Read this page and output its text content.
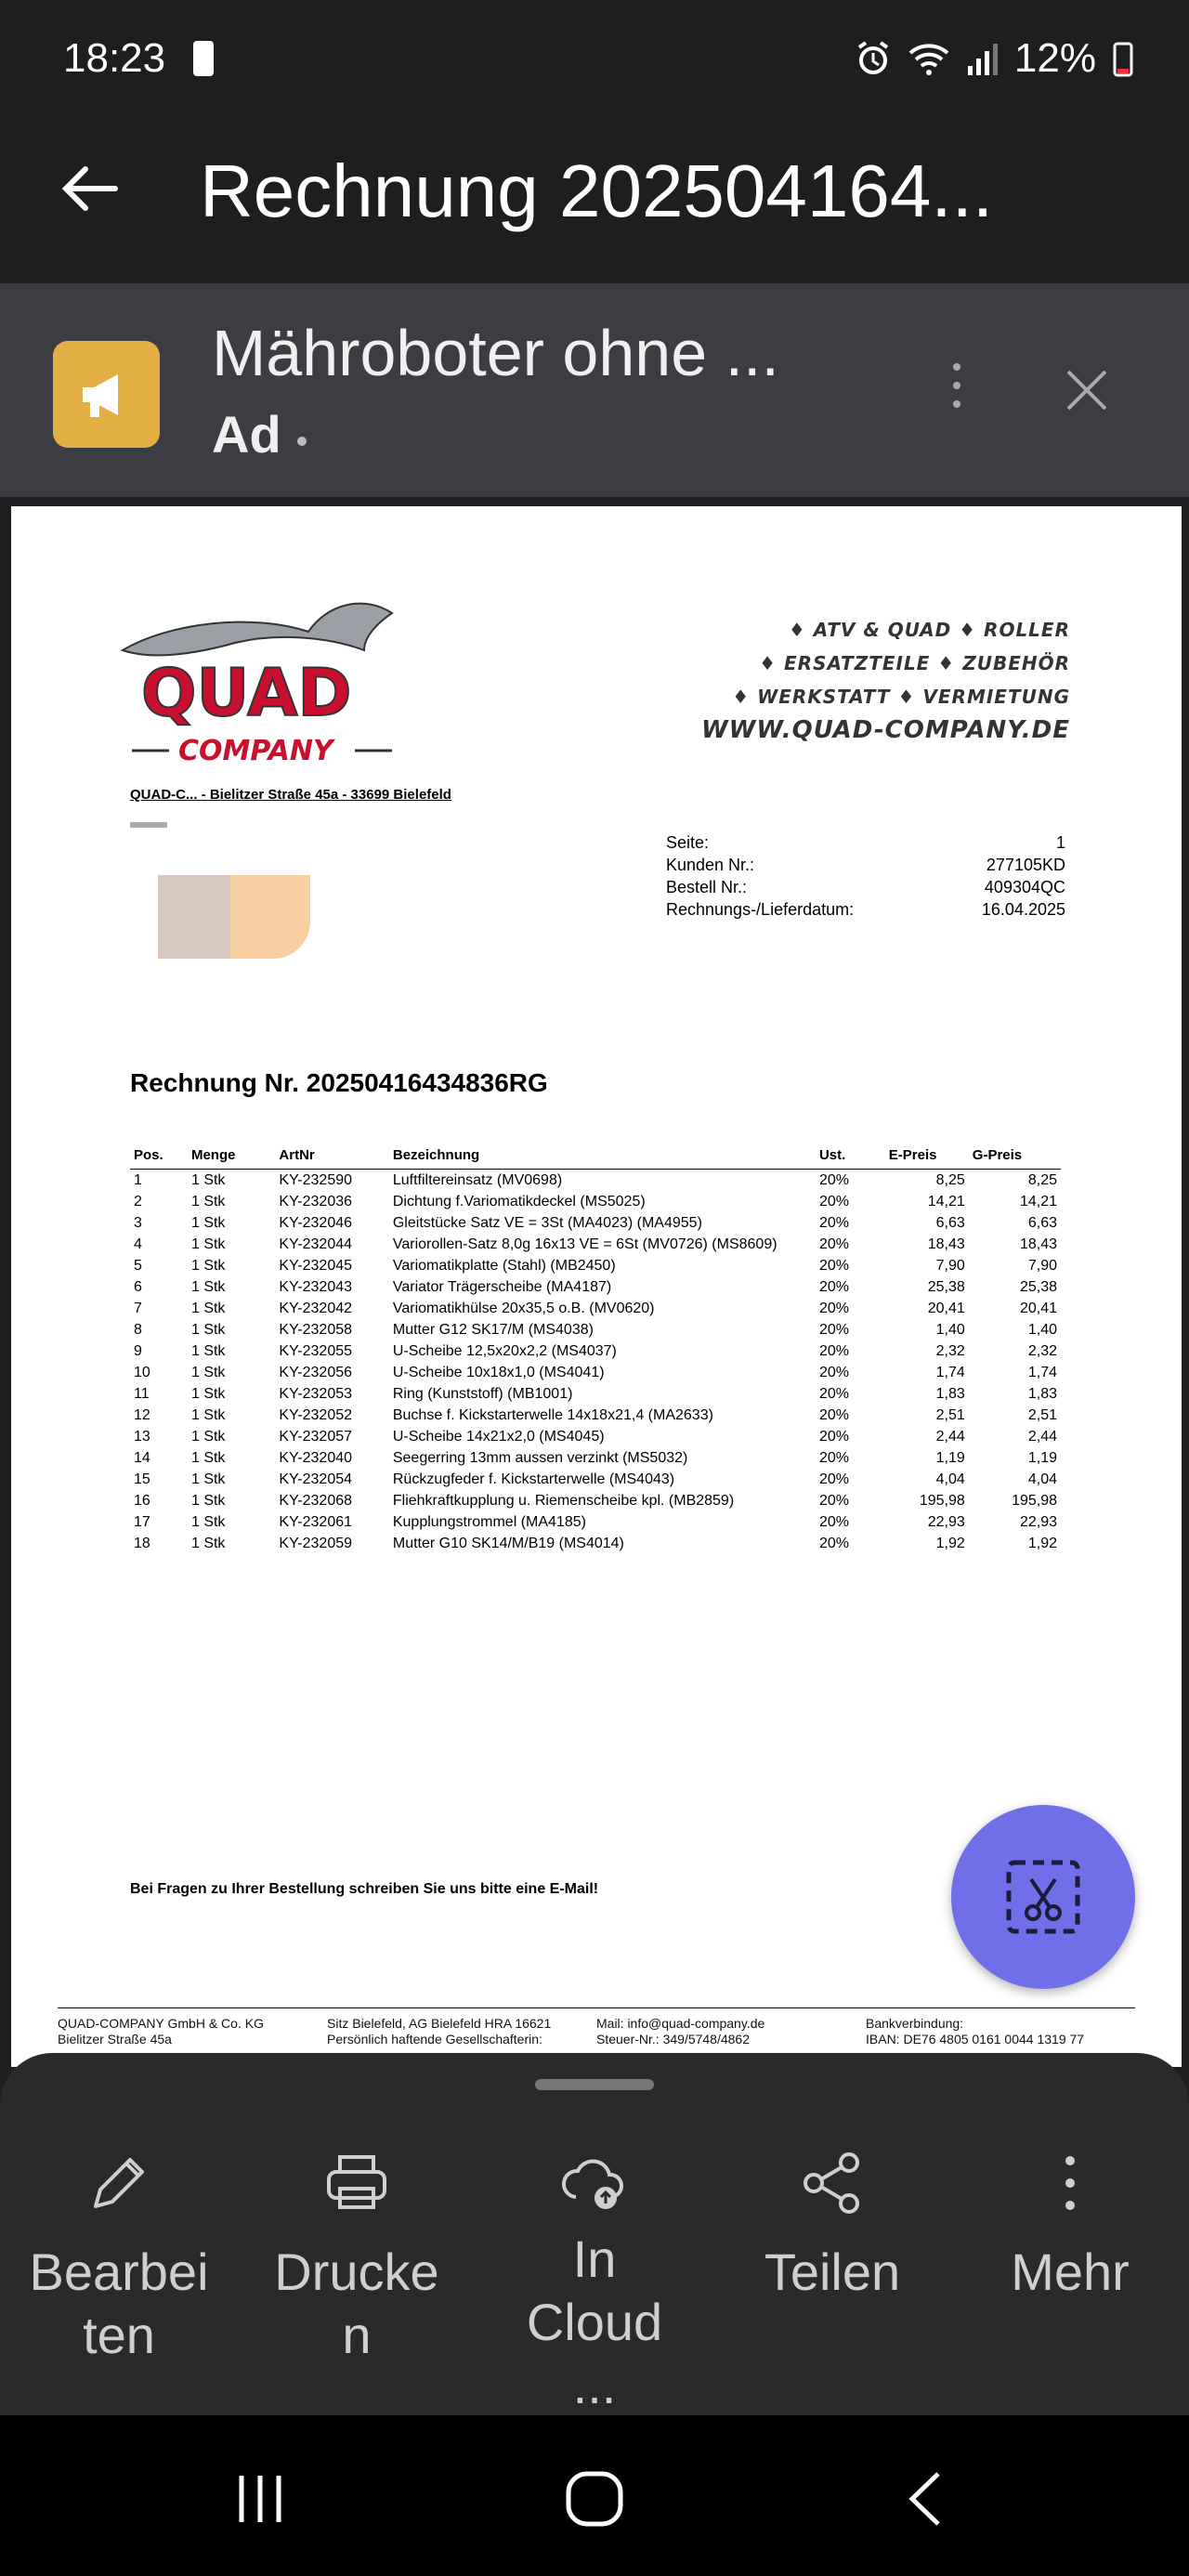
18:23	12%
Rechnung 202504164...
Mähroboter ohne ...
Ad
QUAD
COMPANY
♦ ATV & QUAD ♦ ROLLER
♦ ERSATZTEILE ♦ ZUBEHÖR
♦ WERKSTATT ♦ VERMIETUNG
WWW.QUAD-COMPANY.DE
QUAD-C... - Bielitzer Straße 45a - 33699 Bielefeld
Seite:	1
Kunden Nr.:	277105KD
Bestell Nr.:	409304QC
Rechnungs-/Lieferdatum:	16.04.2025
Rechnung Nr. 20250416434836RG
Pos.	Menge	ArtNr	Bezeichnung	Ust.	E-Preis	G-Preis
1	1 Stk	KY-232590	Luftfiltereinsatz (MV0698)	20%	8,25	8,25
2	1 Stk	KY-232036	Dichtung f.Variomatikdeckel (MS5025)	20%	14,21	14,21
3	1 Stk	KY-232046	Gleitstücke Satz VE = 3St (MA4023) (MA4955)	20%	6,63	6,63
4	1 Stk	KY-232044	Variorollen-Satz 8,0g 16x13 VE = 6St (MV0726) (MS8609)	20%	18,43	18,43
5	1 Stk	KY-232045	Variomatikplatte (Stahl) (MB2450)	20%	7,90	7,90
6	1 Stk	KY-232043	Variator Trägerscheibe (MA4187)	20%	25,38	25,38
7	1 Stk	KY-232042	Variomatikhülse 20x35,5 o.B. (MV0620)	20%	20,41	20,41
8	1 Stk	KY-232058	Mutter G12 SK17/M (MS4038)	20%	1,40	1,40
9	1 Stk	KY-232055	U-Scheibe 12,5x20x2,2 (MS4037)	20%	2,32	2,32
10	1 Stk	KY-232056	U-Scheibe 10x18x1,0 (MS4041)	20%	1,74	1,74
11	1 Stk	KY-232053	Ring (Kunststoff) (MB1001)	20%	1,83	1,83
12	1 Stk	KY-232052	Buchse f. Kickstarterwelle 14x18x21,4 (MA2633)	20%	2,51	2,51
13	1 Stk	KY-232057	U-Scheibe 14x21x2,0 (MS4045)	20%	2,44	2,44
14	1 Stk	KY-232040	Seegerring 13mm aussen verzinkt (MS5032)	20%	1,19	1,19
15	1 Stk	KY-232054	Rückzugfeder f. Kickstarterwelle (MS4043)	20%	4,04	4,04
16	1 Stk	KY-232068	Fliehkraftkupplung u. Riemenscheibe kpl. (MB2859)	20%	195,98	195,98
17	1 Stk	KY-232061	Kupplungstrommel (MA4185)	20%	22,93	22,93
18	1 Stk	KY-232059	Mutter G10 SK14/M/B19 (MS4014)	20%	1,92	1,92
Bei Fragen zu Ihrer Bestellung schreiben Sie uns bitte eine E-Mail!
QUAD-COMPANY GmbH & Co. KG
Bielitzer Straße 45a
Sitz Bielefeld, AG Bielefeld HRA 16621
Persönlich haftende Gesellschafterin:
Mail: info@quad-company.de
Steuer-Nr.: 349/5748/4862
Bankverbindung:
IBAN: DE76 4805 0161 0044 1319 77
Bearbei ten
Drucke n
In Cloud ...
Teilen Mehr
